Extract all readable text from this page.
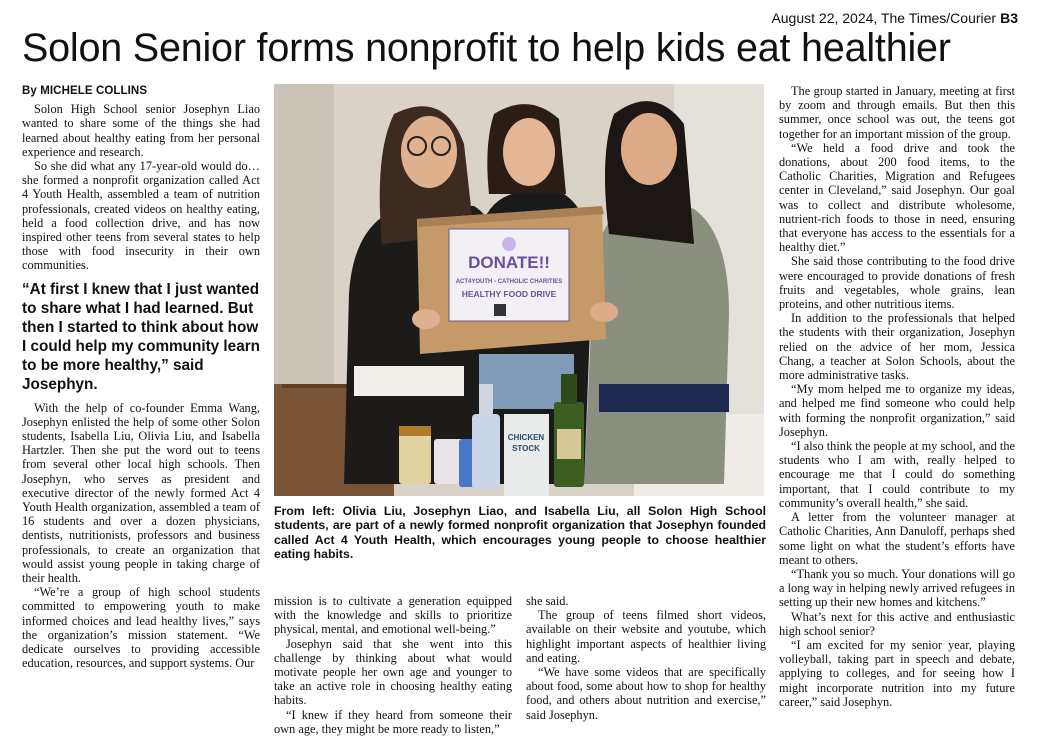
August 22, 2024, The Times/Courier B3
Solon Senior forms nonprofit to help kids eat healthier
By MICHELE COLLINS

Solon High School senior Josephyn Liao wanted to share some of the things she had learned about healthy eating from her personal experience and research.

So she did what any 17-year-old would do…she formed a nonprofit organization called Act 4 Youth Health, assembled a team of nutrition professionals, created videos on healthy eating, held a food collection drive, and has now inspired other teens from several states to help those with food insecurity in their own communities.

“At first I knew that I just wanted to share what I had learned. But then I started to think about how I could help my community learn to be more healthy,” said Josephyn.

With the help of co-founder Emma Wang, Josephyn enlisted the help of some other Solon students, Isabella Liu, Olivia Liu, and Isabella Hartzler. Then she put the word out to teens from several other local high schools. Then Josephyn, who serves as president and executive director of the newly formed Act 4 Youth Health organization, assembled a team of 16 students and over a dozen physicians, dentists, nutritionists, professors and business professionals, to create an organization that would assist young people in taking charge of their health.

“We’re a group of high school students committed to empowering youth to make informed choices and lead healthy lives,” says the organization’s mission statement. “We dedicate ourselves to providing accessible education, resources, and support systems. Our

DONATE!!
ACT4YOUTH - CATHOLIC CHARITIES
HEALTHY FOOD DRIVE
CHICKEN
STOCK
From left: Olivia Liu, Josephyn Liao, and Isabella Liu, all Solon High School students, are part of a newly formed nonprofit organization that Josephyn founded called Act 4 Youth Health, which encourages young people to choose healthier eating habits.

mission is to cultivate a generation equipped with the knowledge and skills to prioritize physical, mental, and emotional well-being.”

Josephyn said that she went into this challenge by thinking about what would motivate people her own age and younger to take an active role in choosing healthy eating habits.

“I knew if they heard from someone their own age, they might be more ready to listen,”

she said.

The group of teens filmed short videos, available on their website and youtube, which highlight important aspects of healthier living and eating.

“We have some videos that are specifically about food, some about how to shop for healthy food, and others about nutrition and exercise,” said Josephyn.

The group started in January, meeting at first by zoom and through emails. But then this summer, once school was out, the teens got together for an important mission of the group.

“We held a food drive and took the donations, about 200 food items, to the Catholic Charities, Migration and Refugees center in Cleveland,” said Josephyn. Our goal was to collect and distribute wholesome, nutrient-rich foods to those in need, ensuring that everyone has access to the essentials for a healthy diet.”

She said those contributing to the food drive were encouraged to provide donations of fresh fruits and vegetables, whole grains, lean proteins, and other nutritious items.

In addition to the professionals that helped the students with their organization, Josephyn relied on the advice of her mom, Jessica Chang, a teacher at Solon Schools, about the more administrative tasks.

“My mom helped me to organize my ideas, and helped me find someone who could help with forming the nonprofit organization,” said Josephyn.

“I also think the people at my school, and the students who I am with, really helped to encourage me that I could do something important, that I could contribute to my community’s overall health,” she said.

A letter from the volunteer manager at Catholic Charities, Ann Danuloff, perhaps shed some light on what the student’s efforts have meant to others.

“Thank you so much. Your donations will go a long way in helping newly arrived refugees in setting up their new homes and kitchens.”

What’s next for this active and enthusiastic high school senior?

“I am excited for my senior year, playing volleyball, taking part in speech and debate, applying to colleges, and for seeing how I might incorporate nutrition into my future career,” said Josephyn.
